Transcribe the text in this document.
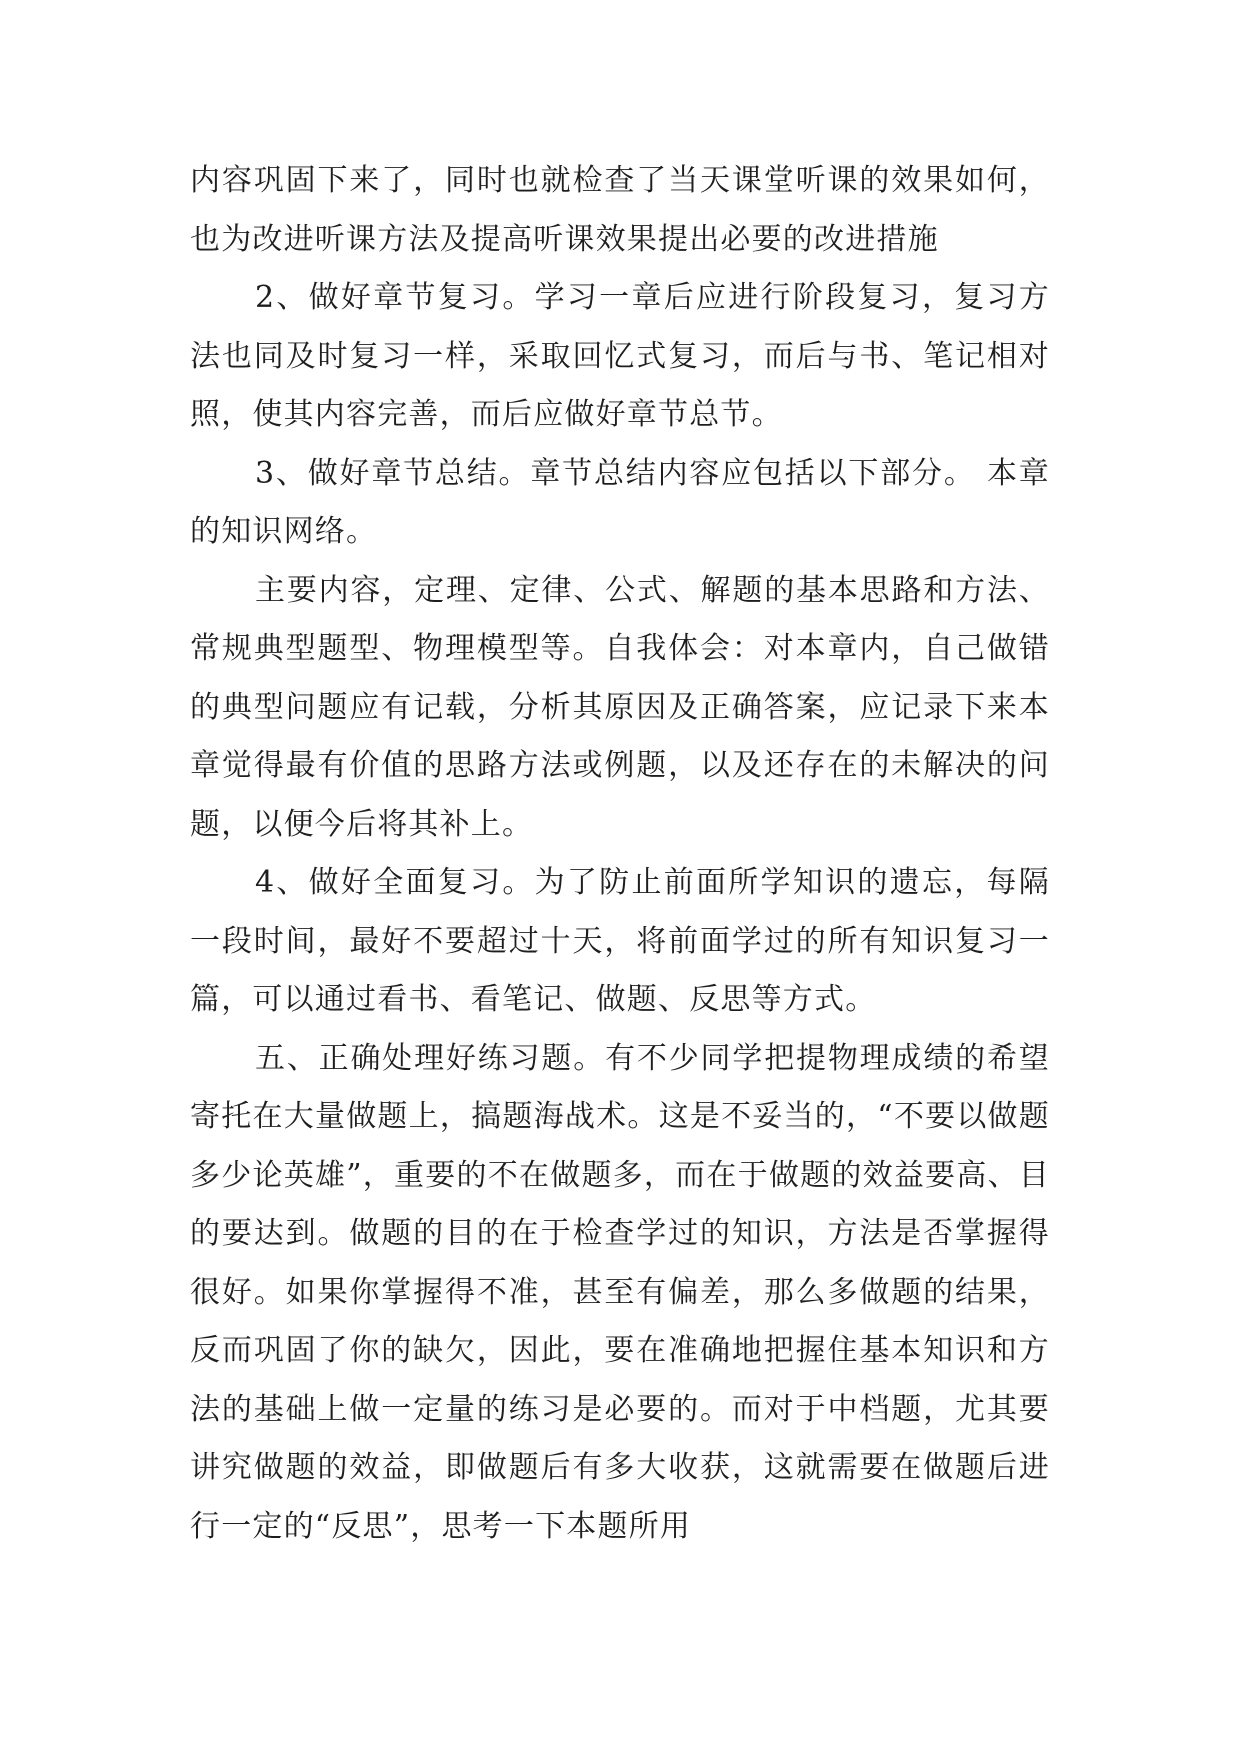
内容巩固下来了，同时也就检查了当天课堂听课的效果如何，也为改进听课方法及提高听课效果提出必要的改进措施

2、做好章节复习。学习一章后应进行阶段复习，复习方法也同及时复习一样，采取回忆式复习，而后与书、笔记相对照，使其内容完善，而后应做好章节总节。

3、做好章节总结。章节总结内容应包括以下部分。 本章的知识网络。

主要内容，定理、定律、公式、解题的基本思路和方法、常规典型题型、物理模型等。自我体会：对本章内，自己做错的典型问题应有记载，分析其原因及正确答案，应记录下来本章觉得最有价值的思路方法或例题，以及还存在的未解决的问题，以便今后将其补上。

4、做好全面复习。为了防止前面所学知识的遗忘，每隔一段时间，最好不要超过十天，将前面学过的所有知识复习一篇，可以通过看书、看笔记、做题、反思等方式。

五、正确处理好练习题。有不少同学把提物理成绩的希望寄托在大量做题上，搞题海战术。这是不妥当的，“不要以做题多少论英雄”，重要的不在做题多，而在于做题的效益要高、目的要达到。做题的目的在于检查学过的知识，方法是否掌握得很好。如果你掌握得不准，甚至有偏差，那么多做题的结果，反而巩固了你的缺欠，因此，要在准确地把握住基本知识和方法的基础上做一定量的练习是必要的。而对于中档题，尤其要讲究做题的效益，即做题后有多大收获，这就需要在做题后进行一定的“反思”，思考一下本题所用
